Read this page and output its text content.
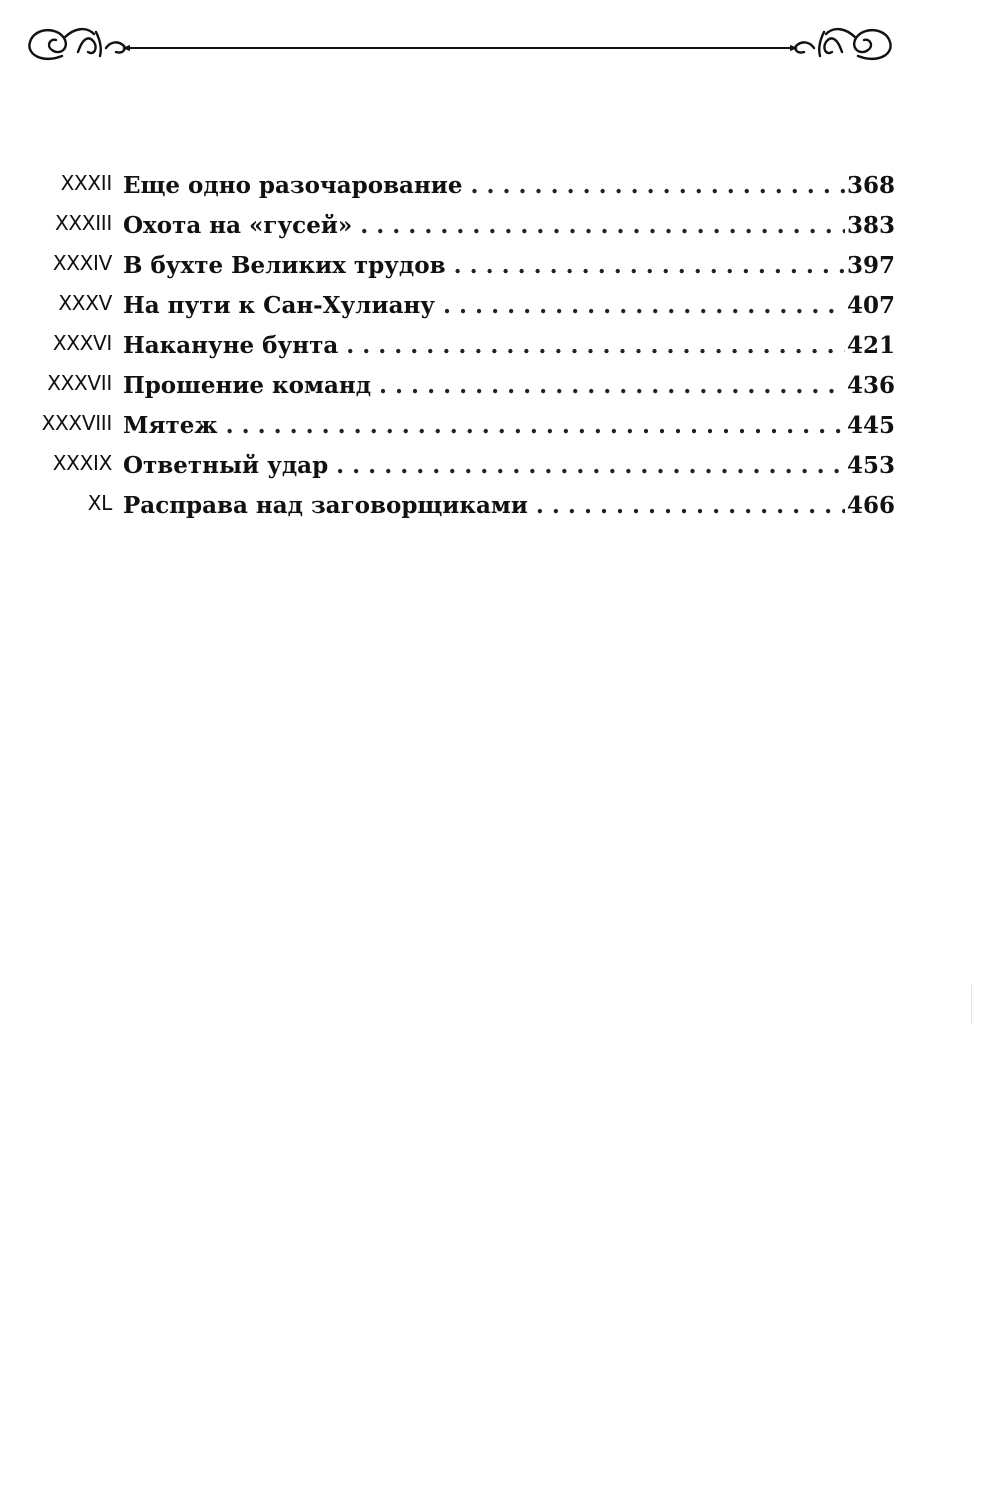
XXXII Еще одно разочарование . . .	368
XXXIII Охота на «гусей» . . .	383
XXXIV В бухте Великих трудов . . .	397
XXXV На пути к Сан-Хулиану . . .	407
XXXVI Накануне бунта . . .	421
XXXVII Прошение команд . . .	436
XXXVIII Мятеж . . .	445
XXXIX Ответный удар . . .	453
XL Расправа над заговорщиками . . .	466
